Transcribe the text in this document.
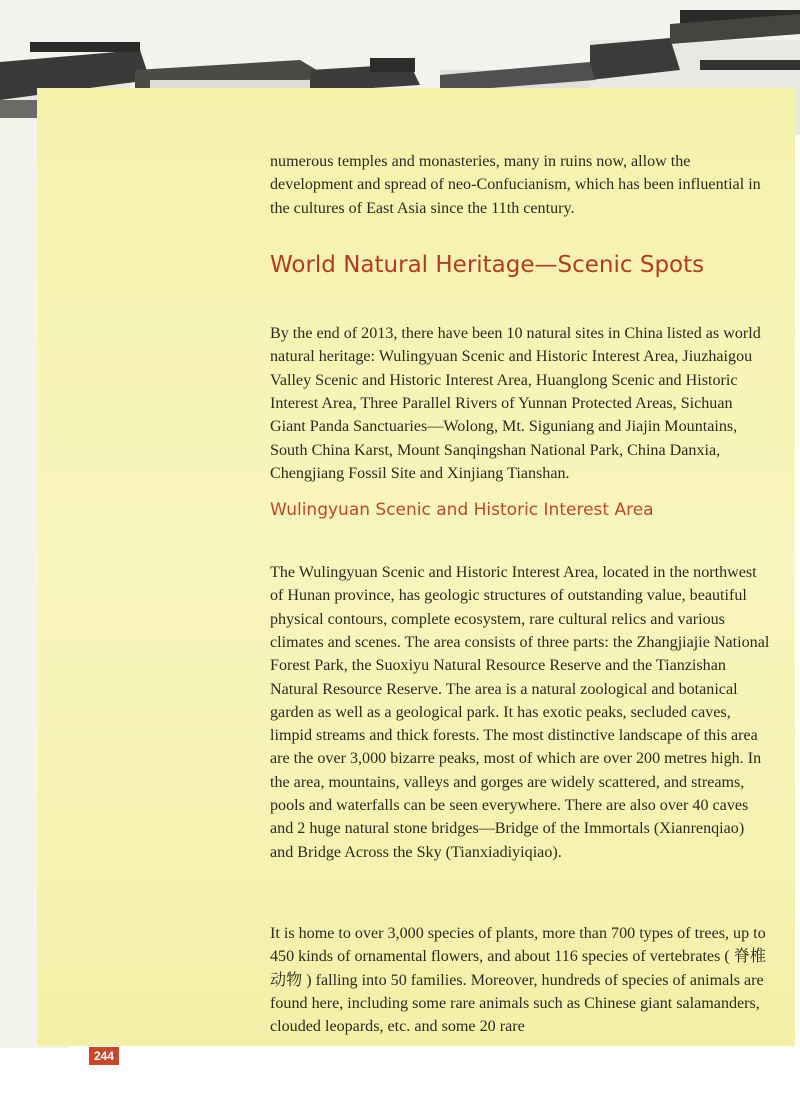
numerous temples and monasteries, many in ruins now, allow the development and spread of neo-Confucianism, which has been influential in the cultures of East Asia since the 11th century.

World Natural Heritage—Scenic Spots

By the end of 2013, there have been 10 natural sites in China listed as world natural heritage: Wulingyuan Scenic and Historic Interest Area, Jiuzhaigou Valley Scenic and Historic Interest Area, Huanglong Scenic and Historic Interest Area, Three Parallel Rivers of Yunnan Protected Areas, Sichuan Giant Panda Sanctuaries—Wolong, Mt. Siguniang and Jiajin Mountains, South China Karst, Mount Sanqingshan National Park, China Danxia, Chengjiang Fossil Site and Xinjiang Tianshan.

Wulingyuan Scenic and Historic Interest Area

The Wulingyuan Scenic and Historic Interest Area, located in the northwest of Hunan province, has geologic structures of outstanding value, beautiful physical contours, complete ecosystem, rare cultural relics and various climates and scenes. The area consists of three parts: the Zhangjiajie National Forest Park, the Suoxiyu Natural Resource Reserve and the Tianzishan Natural Resource Reserve. The area is a natural zoological and botanical garden as well as a geological park. It has exotic peaks, secluded caves, limpid streams and thick forests. The most distinctive landscape of this area are the over 3,000 bizarre peaks, most of which are over 200 metres high. In the area, mountains, valleys and gorges are widely scattered, and streams, pools and waterfalls can be seen everywhere. There are also over 40 caves and 2 huge natural stone bridges—Bridge of the Immortals (Xianrenqiao) and Bridge Across the Sky (Tianxiadiyiqiao).

It is home to over 3,000 species of plants, more than 700 types of trees, up to 450 kinds of ornamental flowers, and about 116 species of vertebrates ( 脊椎动物 ) falling into 50 families. Moreover, hundreds of species of animals are found here, including some rare animals such as Chinese giant salamanders, clouded leopards, etc. and some 20 rare

244
